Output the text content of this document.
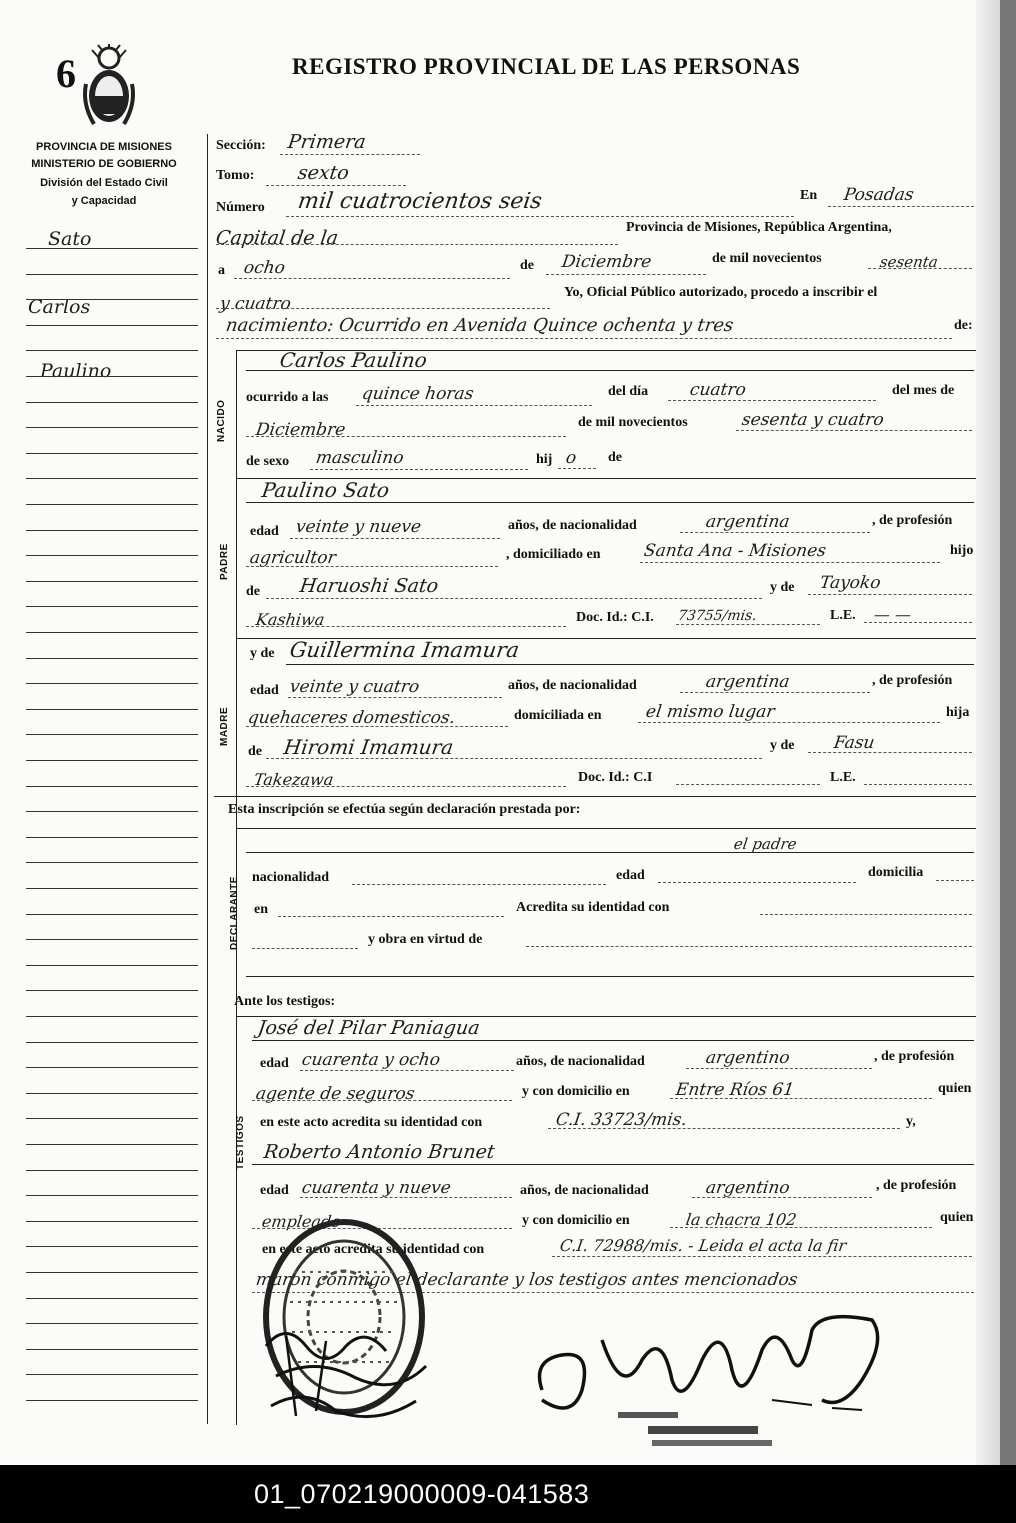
6	REGISTRO PROVINCIAL DE LAS PERSONAS
PROVINCIA DE MISIONES
MINISTERIO DE GOBIERNO
División del Estado Civil
y Capacidad
Sato
Carlos
Paulino
Sección: Primera
Tomo: sexto
Número mil cuatrocientos seis	En Posadas
Capital de la	Provincia de Misiones, República Argentina,
a ocho	de Diciembre	de mil novecientos	sesenta
y cuatro
Yo, Oficial Público autorizado, procedo a inscribir el
nacimiento: Ocurrido en Avenida Quince ochenta y tres	de:
NACIDO
Carlos Paulino
ocurrido a las quince horas	del día cuatro	del mes de
Diciembre	de mil novecientos	sesenta y cuatro
de sexo masculino	hij o de
PADRE
Paulino Sato
edad veinte y nueve	años, de nacionalidad	argentina	, de profesión
agricultor	, domiciliado en Santa Ana - Misiones	hijo
de Haruoshi Sato	y de Tayoko
Kashiwa	Doc. Id.: C.I. 73755/mis.	L.E. — —
MADRE
y de Guillermina Imamura
edad veinte y cuatro	años, de nacionalidad	argentina	, de profesión
quehaceres domesticos.	domiciliada en	el mismo lugar	hija
de Hiromi Imamura	y de Fasu
Takezawa	Doc. Id.: C.I	L.E.
Esta inscripción se efectúa según declaración prestada por:
DECLARANTE
el padre
nacionalidad	edad	domicilia
en	Acredita su identidad con
y obra en virtud de
Ante los testigos:
TESTIGOS
José del Pilar Paniagua
edad cuarenta y ocho	años, de nacionalidad	argentino	, de profesión
agente de seguros	y con domicilio en	Entre Ríos 61	quien
en este acto acredita su identidad con	C.I. 33723/mis.	y,
Roberto Antonio Brunet
edad cuarenta y nueve	años, de nacionalidad	argentino	, de profesión
empleado	y con domicilio en	la chacra 102	quien
en este acto acredita su identidad con	C.I. 72988/mis. - Leida el acta la fir
maron conmigo el declarante y los testigos antes mencionados
01_070219000009-041583
